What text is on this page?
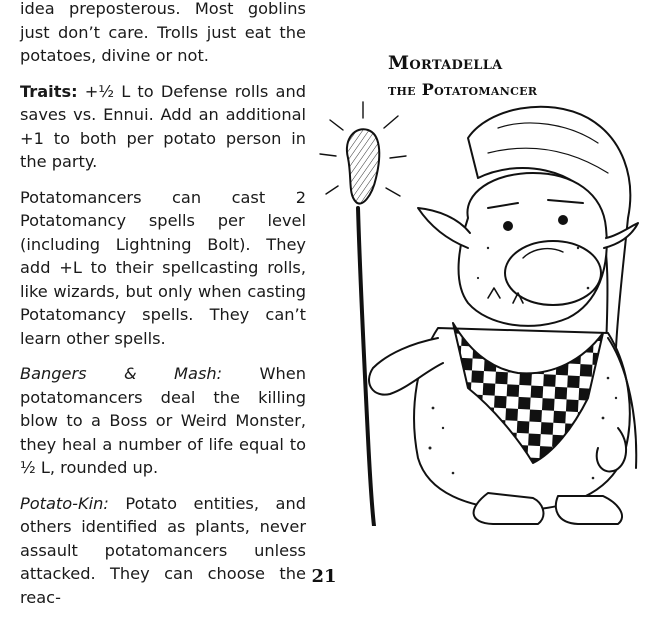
idea preposterous. Most goblins just don’t care. Trolls just eat the potatoes, divine or not.

Traits: +½ L to Defense rolls and saves vs. Ennui. Add an additional +1 to both per potato person in the party.

Potatomancers can cast 2 Potatomancy spells per level (including Lightning Bolt). They add +L to their spellcasting rolls, like wizards, but only when casting Potatomancy spells. They can’t learn other spells.

Bangers & Mash: When potatomancers deal the killing blow to a Boss or Weird Monster, they heal a number of life equal to ½ L, rounded up.

Potato-Kin: Potato entities, and others identified as plants, never assault potatomancers unless attacked. They can choose the reac-

Mortadella
the Potatomancer
21
